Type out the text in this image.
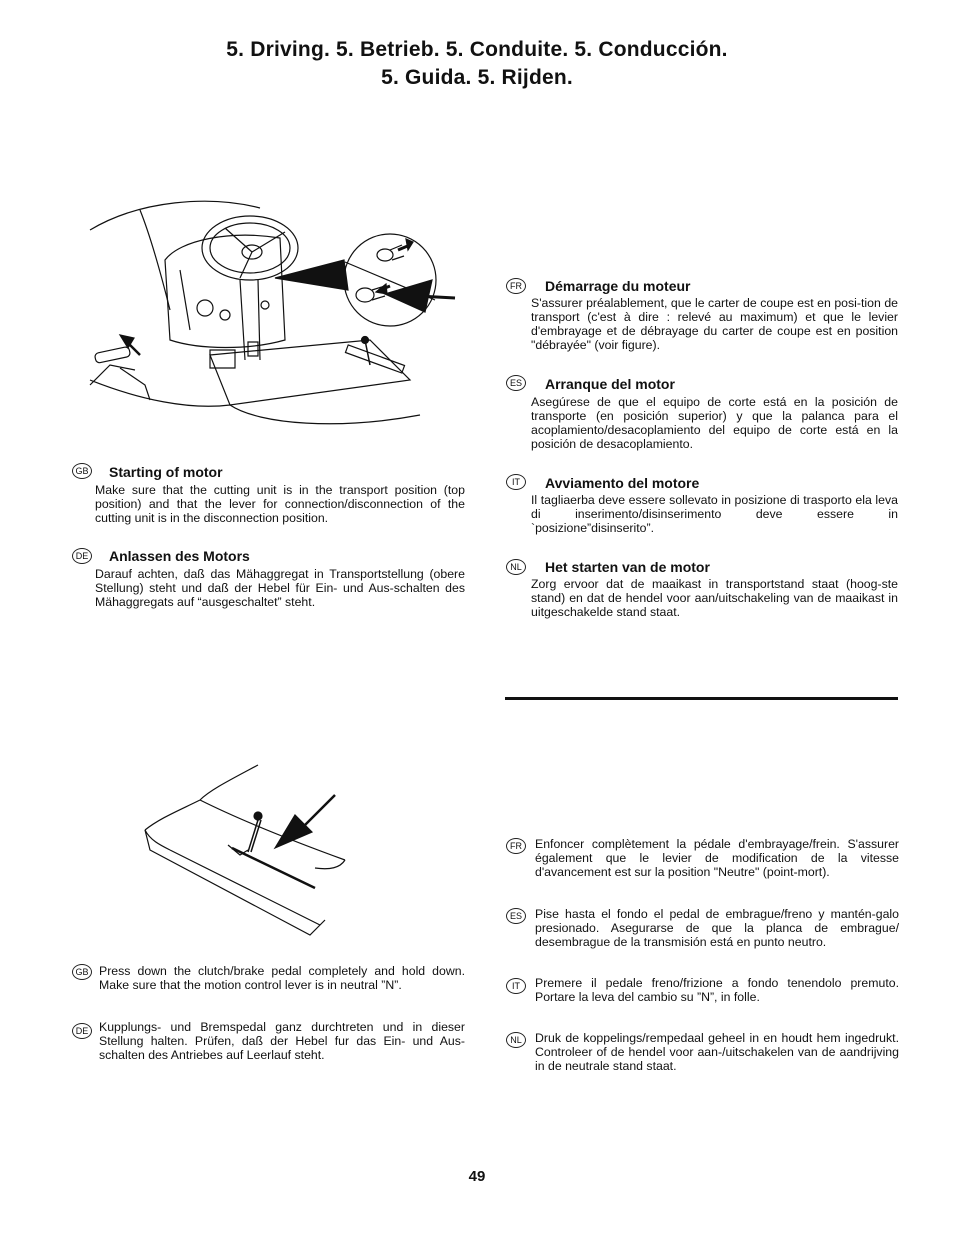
5. Driving. 5. Betrieb. 5. Conduite. 5. Conducción.
5. Guida. 5. Rijden.
GB Starting of motor
Make sure that the cutting unit is in the transport position (top position) and that the lever for connection/disconnection of the cutting unit is in the disconnection position.
DE Anlassen des Motors
Darauf achten, daß das Mähaggregat in Transportstellung (obere Stellung) steht und daß der Hebel für Ein- und Aus-schalten des Mähaggregats auf “ausgeschaltet” steht.
FR Démarrage du moteur
S'assurer préalablement, que le carter de coupe est en posi-tion de transport (c'est à dire : relevé au maximum) et que le levier d'embrayage et de débrayage du carter de coupe est en position "débrayée" (voir figure).
ES Arranque del motor
Asegúrese de que el equipo de corte está en la posición de transporte (en posición superior) y que la palanca para el acoplamiento/desacoplamiento del equipo de corte está en la posición de desacoplamiento.
IT	Avviamento del motore
Il tagliaerba deve essere sollevato in posizione di trasporto ela leva di inserimento/disinserimento deve essere in `posizione”disinserito”.
NL	Het starten van de motor
Zorg ervoor dat de maaikast in transportstand staat (hoog-ste stand) en dat de hendel voor aan/uitschakeling van de maaikast in uitgeschakelde stand staat.
GB Press down the clutch/brake pedal completely and hold down. Make sure that the motion control lever is in neutral ”N”.
DE Kupplungs- und Bremspedal ganz durchtreten und in dieser Stellung halten. Prüfen, daß der Hebel fur das Ein- und Aus-schalten des Antriebes auf Leerlauf steht.
FR	Enfoncer complètement la pédale d'embrayage/frein. S'assurer également que le levier de modification de la vitesse d'avancement est sur la position "Neutre" (point-mort).
ES	Pise hasta el fondo el pedal de embrague/freno y mantén-galo presionado. Asegurarse de que la planca de embrague/ desembrague de la transmisión está en punto neutro.
IT	Premere il pedale freno/frizione a fondo tenendolo premuto. Portare la leva del cambio su ”N”, in folle.
NL	Druk de koppelings/rempedaal geheel in en houdt hem ingedrukt. Controleer of de hendel voor aan-/uitschakelen van de aandrijving in de neutrale stand staat.
49
